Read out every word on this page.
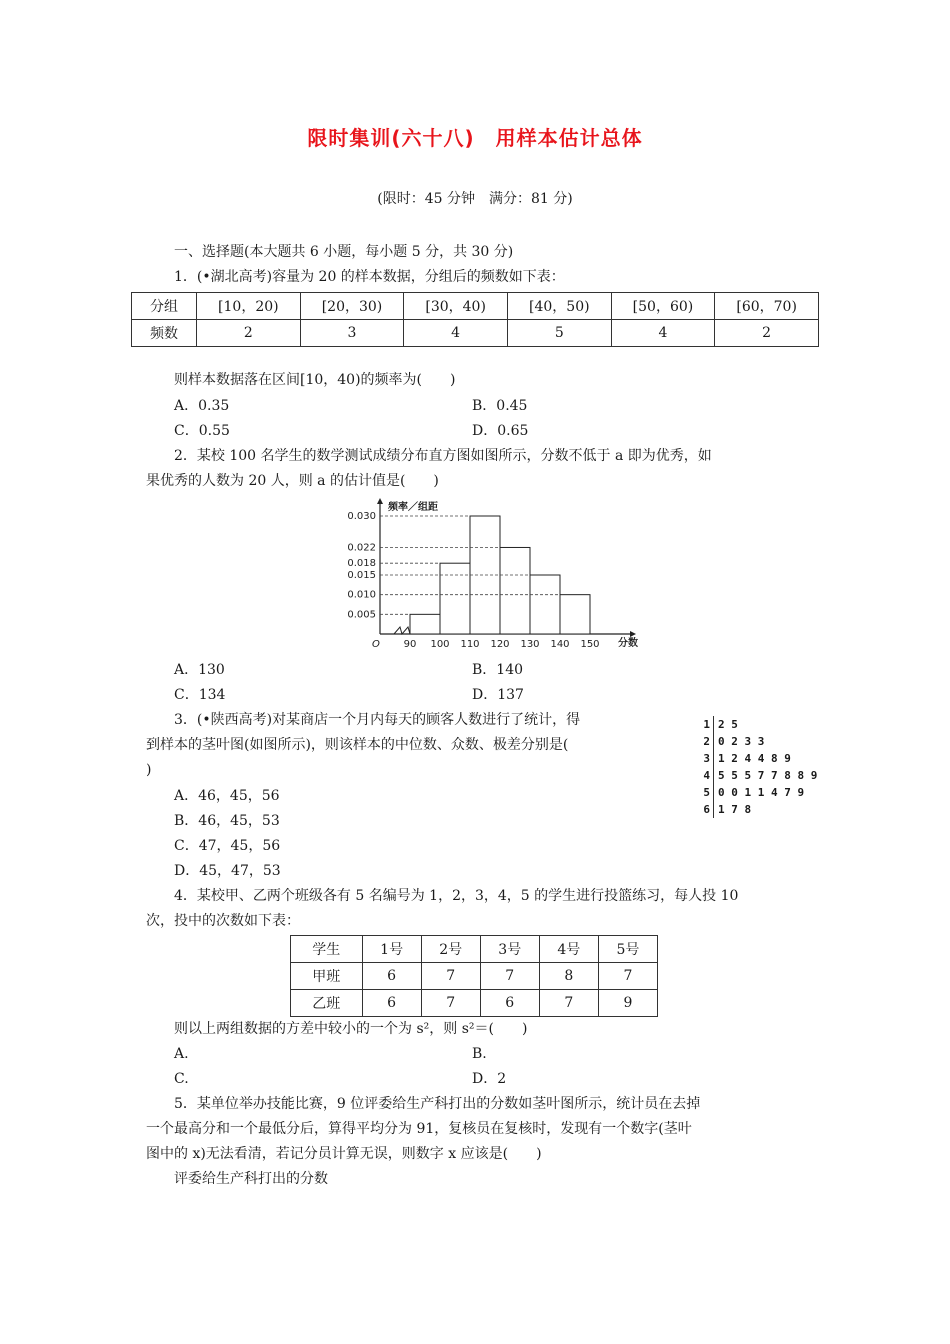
限时集训(六十八)　用样本估计总体
(限时：45 分钟　满分：81 分)
一、选择题(本大题共 6 小题，每小题 5 分，共 30 分)
1．(•湖北高考)容量为 20 的样本数据，分组后的频数如下表：
分组	[10，20)	[20，30)	[30，40)	[40，50)	[50，60)	[60，70)
频数	2	3	4	5	4	2
则样本数据落在区间[10，40)的频率为(　　)
A．0.35	B．0.45
C．0.55	D．0.65
2．某校 100 名学生的数学测试成绩分布直方图如图所示，分数不低于 a 即为优秀，如
果优秀的人数为 20 人，则 a 的估计值是(　　)
频率／组距
分数
O
0.005
0.010
0.015
0.018
0.022
0.030
90 100 110 120 130 140 150
A．130	B．140
C．134	D．137
3．(•陕西高考)对某商店一个月内每天的顾客人数进行了统计，得
到样本的茎叶图(如图所示)，则该样本的中位数、众数、极差分别是(
)
A．46，45，56
B．46，45，53
C．47，45，56
D．45，47，53
1 2 5
2 0 2 3 3
3 1 2 4 4 8 9
4 5 5 5 7 7 8 8 9
5 0 0 1 1 4 7 9
6 1 7 8
4．某校甲、乙两个班级各有 5 名编号为 1，2，3，4，5 的学生进行投篮练习，每人投 10
次，投中的次数如下表：
学生	1号	2号	3号	4号	5号
甲班	6	7	7	8	7
乙班	6	7	6	7	9
则以上两组数据的方差中较小的一个为 s²，则 s²＝(　　)
A.	B.
C.	D．2
5．某单位举办技能比赛，9 位评委给生产科打出的分数如茎叶图所示，统计员在去掉
一个最高分和一个最低分后，算得平均分为 91，复核员在复核时，发现有一个数字(茎叶
图中的 x)无法看清，若记分员计算无误，则数字 x 应该是(　　)
评委给生产科打出的分数
